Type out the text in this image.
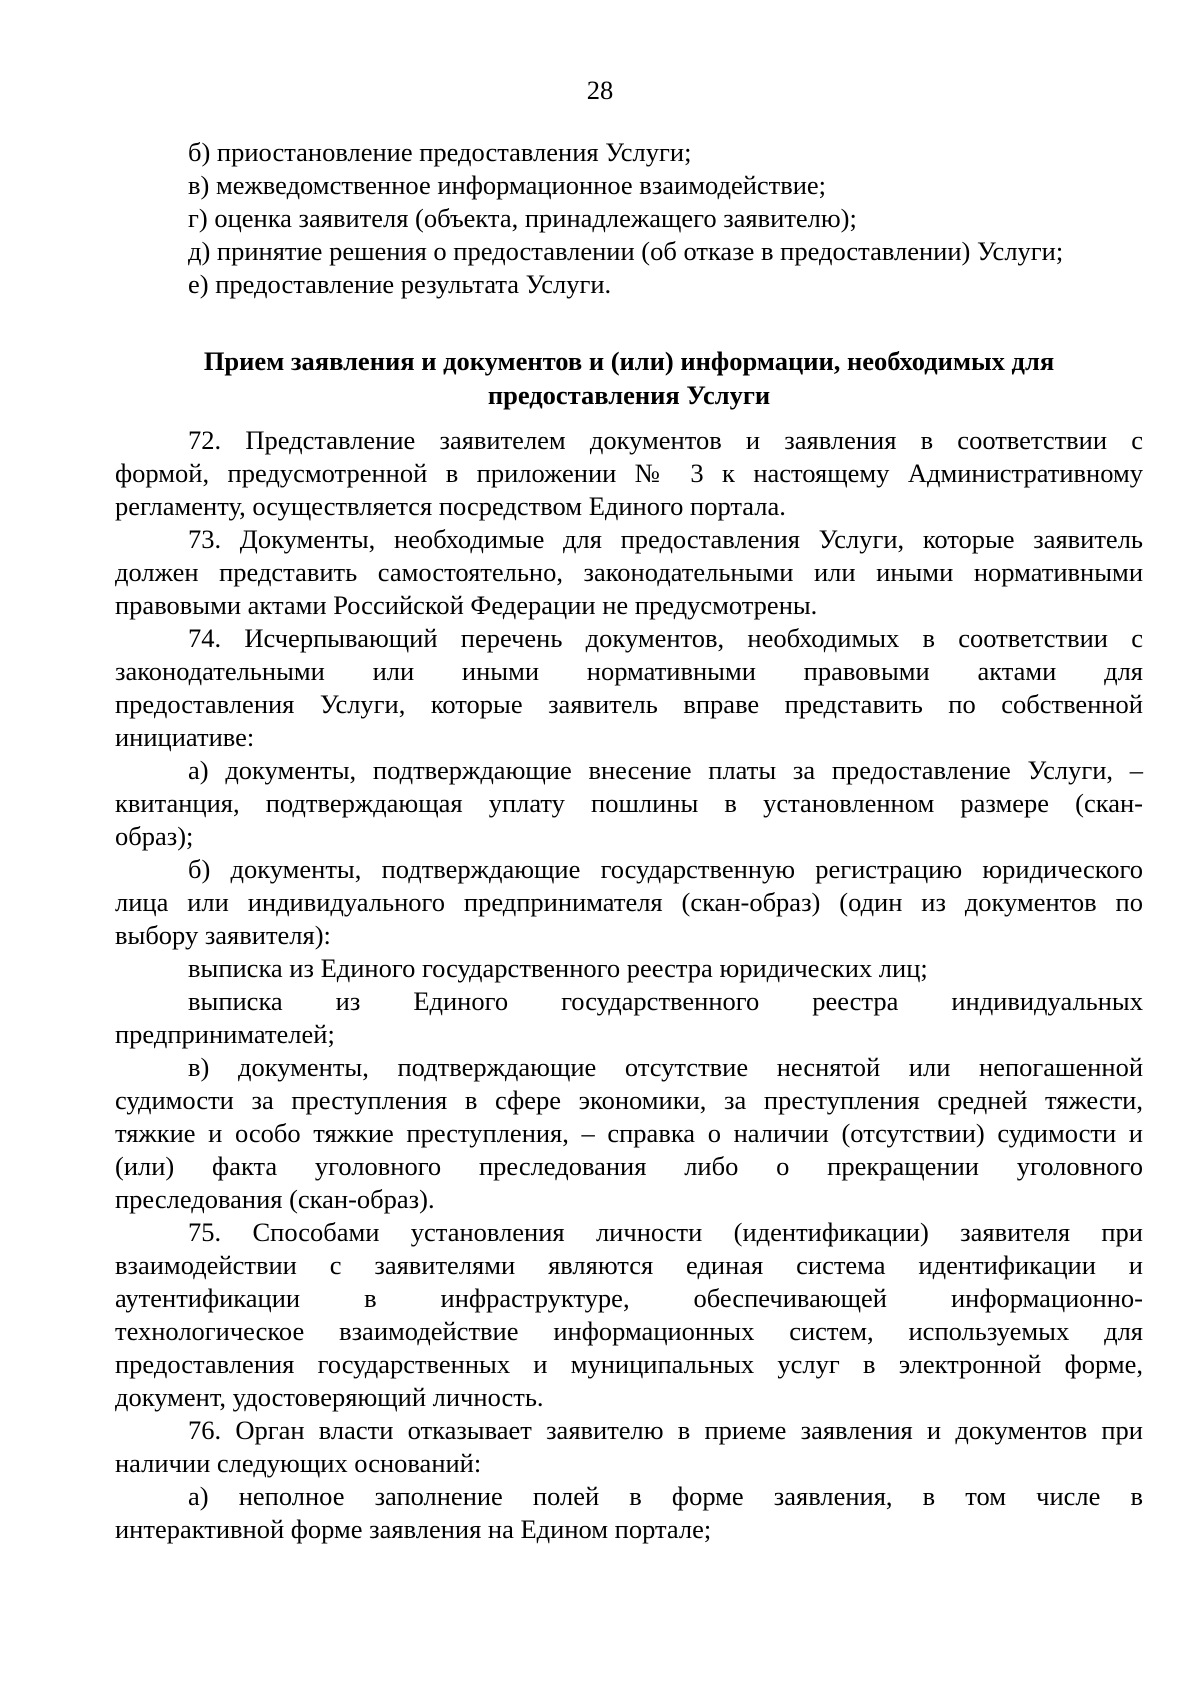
28
б) приостановление предоставления Услуги;
в) межведомственное информационное взаимодействие;
г) оценка заявителя (объекта, принадлежащего заявителю);
д) принятие решения о предоставлении (об отказе в предоставлении) Услуги;
е) предоставление результата Услуги.
Прием заявления и документов и (или) информации, необходимых для
предоставления Услуги
72. Представление заявителем документов и заявления в соответствии с
формой, предусмотренной в приложении № 3 к настоящему Административному
регламенту, осуществляется посредством Единого портала.
73. Документы, необходимые для предоставления Услуги, которые заявитель
должен представить самостоятельно, законодательными или иными нормативными
правовыми актами Российской Федерации не предусмотрены.
74. Исчерпывающий перечень документов, необходимых в соответствии с
законодательными или иными нормативными правовыми актами для
предоставления Услуги, которые заявитель вправе представить по собственной
инициативе:
а) документы, подтверждающие внесение платы за предоставление Услуги, –
квитанция, подтверждающая уплату пошлины в установленном размере (скан-
образ);
б) документы, подтверждающие государственную регистрацию юридического
лица или индивидуального предпринимателя (скан-образ) (один из документов по
выбору заявителя):
выписка из Единого государственного реестра юридических лиц;
выписка из Единого государственного реестра индивидуальных
предпринимателей;
в) документы, подтверждающие отсутствие неснятой или непогашенной
судимости за преступления в сфере экономики, за преступления средней тяжести,
тяжкие и особо тяжкие преступления, – справка о наличии (отсутствии) судимости и
(или) факта уголовного преследования либо о прекращении уголовного
преследования (скан-образ).
75. Способами установления личности (идентификации) заявителя при
взаимодействии с заявителями являются единая система идентификации и
аутентификации в инфраструктуре, обеспечивающей информационно-
технологическое взаимодействие информационных систем, используемых для
предоставления государственных и муниципальных услуг в электронной форме,
документ, удостоверяющий личность.
76. Орган власти отказывает заявителю в приеме заявления и документов при
наличии следующих оснований:
а) неполное заполнение полей в форме заявления, в том числе в
интерактивной форме заявления на Едином портале;
